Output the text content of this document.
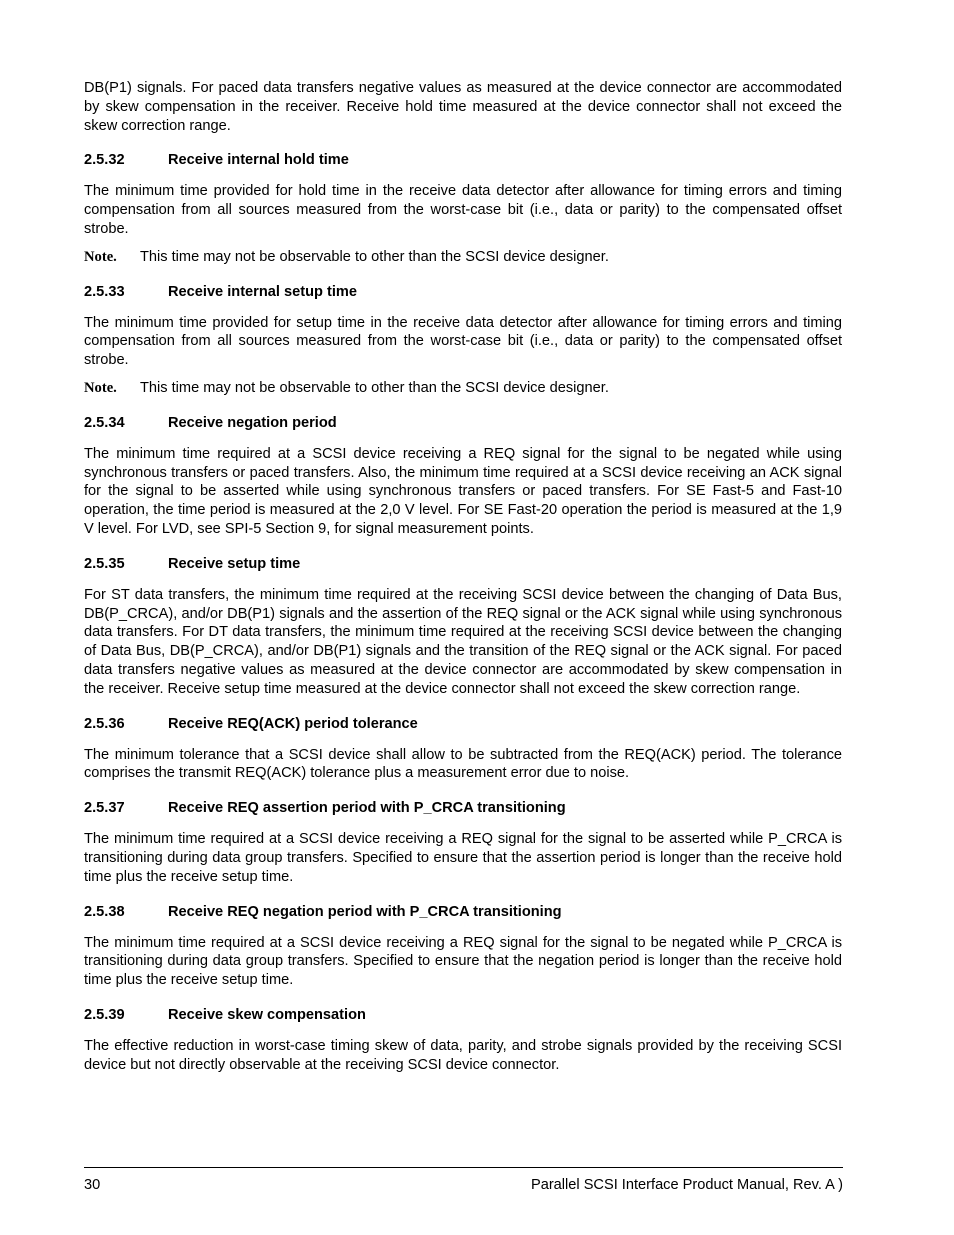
DB(P1) signals. For paced data transfers negative values as measured at the device connector are accommodated by skew compensation in the receiver. Receive hold time measured at the device connector shall not exceed the skew correction range.

2.5.32	Receive internal hold time

The minimum time provided for hold time in the receive data detector after allowance for timing errors and timing compensation from all sources measured from the worst-case bit (i.e., data or parity) to the compensated offset strobe.

Note.	This time may not be observable to other than the SCSI device designer.
2.5.33	Receive internal setup time

The minimum time provided for setup time in the receive data detector after allowance for timing errors and timing compensation from all sources measured from the worst-case bit (i.e., data or parity) to the compensated offset strobe.

Note.	This time may not be observable to other than the SCSI device designer.
2.5.34	Receive negation period

The minimum time required at a SCSI device receiving a REQ signal for the signal to be negated while using synchronous transfers or paced transfers. Also, the minimum time required at a SCSI device receiving an ACK signal for the signal to be asserted while using synchronous transfers or paced transfers. For SE Fast-5 and Fast-10 operation, the time period is measured at the 2,0 V level. For SE Fast-20 operation the period is measured at the 1,9 V level. For LVD, see SPI-5 Section 9, for signal measurement points.

2.5.35	Receive setup time

For ST data transfers, the minimum time required at the receiving SCSI device between the changing of Data Bus, DB(P_CRCA), and/or DB(P1) signals and the assertion of the REQ signal or the ACK signal while using synchronous data transfers. For DT data transfers, the minimum time required at the receiving SCSI device between the changing of Data Bus, DB(P_CRCA), and/or DB(P1) signals and the transition of the REQ signal or the ACK signal. For paced data transfers negative values as measured at the device connector are accommodated by skew compensation in the receiver. Receive setup time measured at the device connector shall not exceed the skew correction range.

2.5.36	Receive REQ(ACK) period tolerance

The minimum tolerance that a SCSI device shall allow to be subtracted from the REQ(ACK) period. The tolerance comprises the transmit REQ(ACK) tolerance plus a measurement error due to noise.

2.5.37	Receive REQ assertion period with P_CRCA transitioning

The minimum time required at a SCSI device receiving a REQ signal for the signal to be asserted while P_CRCA is transitioning during data group transfers. Specified to ensure that the assertion period is longer than the receive hold time plus the receive setup time.

2.5.38	Receive REQ negation period with P_CRCA transitioning

The minimum time required at a SCSI device receiving a REQ signal for the signal to be negated while P_CRCA is transitioning during data group transfers. Specified to ensure that the negation period is longer than the receive hold time plus the receive setup time.

2.5.39	Receive skew compensation

The effective reduction in worst-case timing skew of data, parity, and strobe signals provided by the receiving SCSI device but not directly observable at the receiving SCSI device connector.

30	Parallel SCSI Interface Product Manual, Rev. A )
